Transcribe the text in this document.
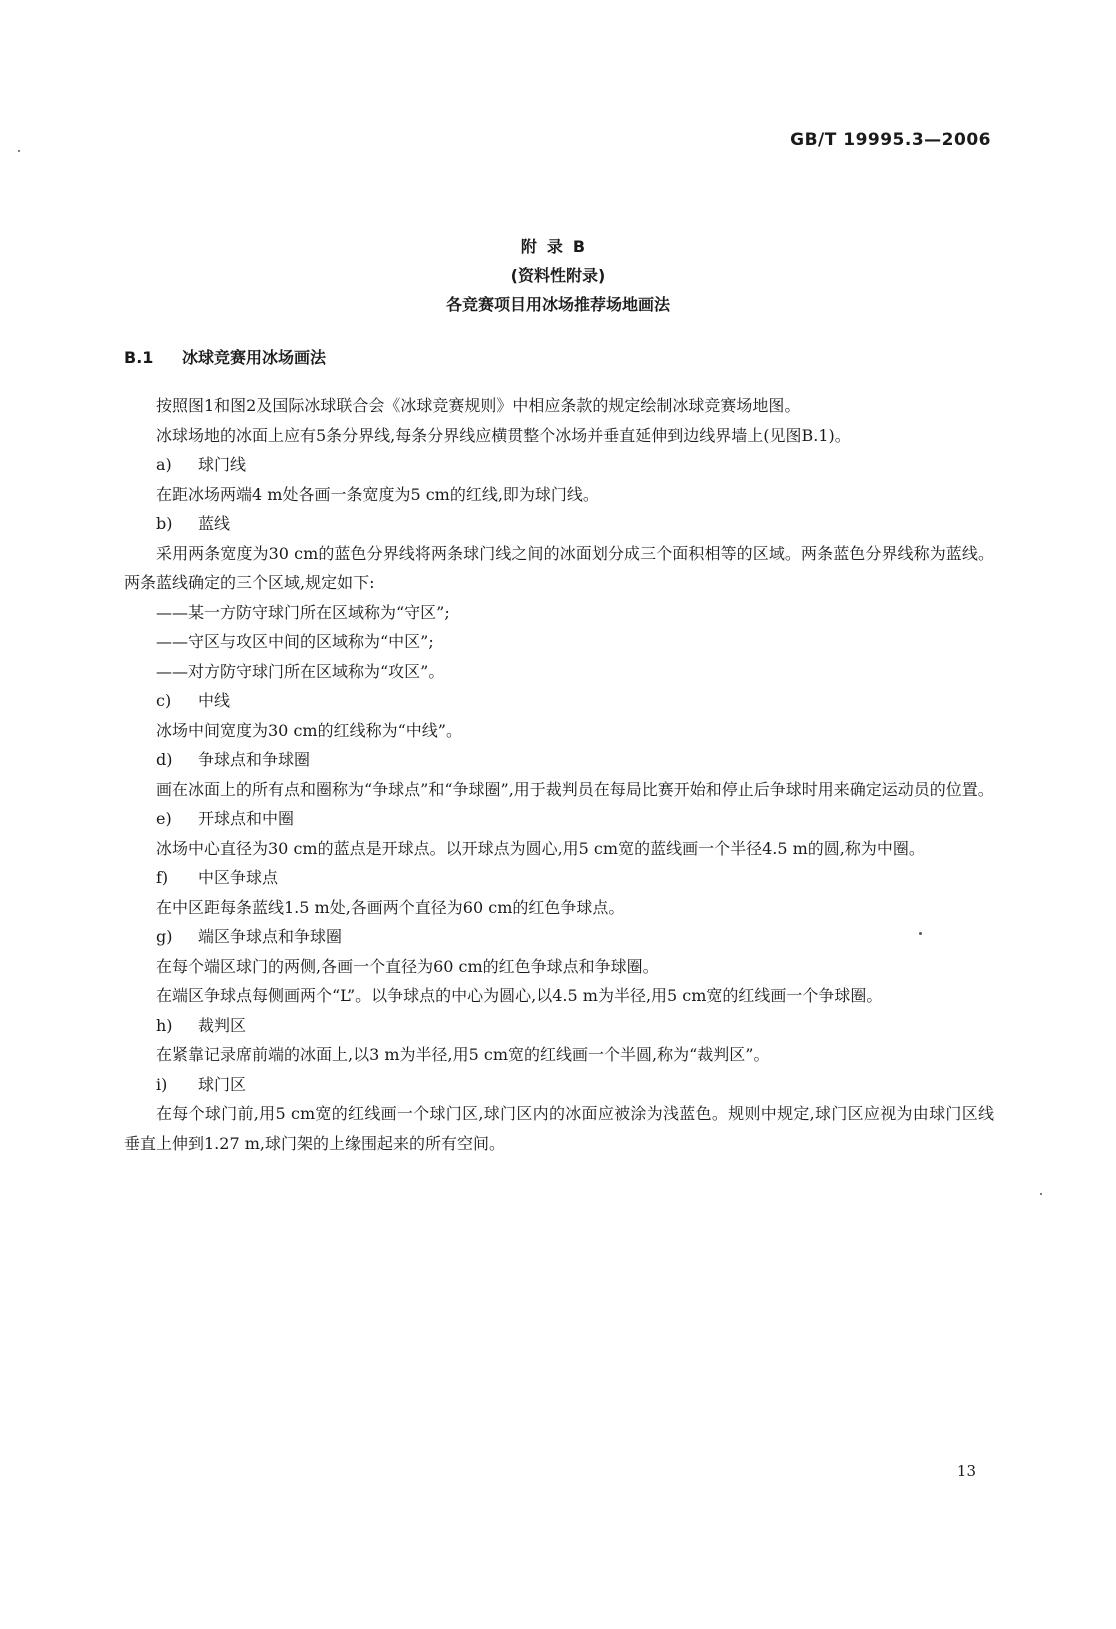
GB/T 19995.3—2006
附录B
(资料性附录)
各竞赛项目用冰场推荐场地画法
B.1 冰球竞赛用冰场画法

按照图1和图2及国际冰球联合会《冰球竞赛规则》中相应条款的规定绘制冰球竞赛场地图。

冰球场地的冰面上应有5条分界线,每条分界线应横贯整个冰场并垂直延伸到边线界墙上(见图B.1)。

a) 球门线

在距冰场两端4 m处各画一条宽度为5 cm的红线,即为球门线。

b) 蓝线

采用两条宽度为30 cm的蓝色分界线将两条球门线之间的冰面划分成三个面积相等的区域。两条蓝色分界线称为蓝线。两条蓝线确定的三个区域,规定如下:

——某一方防守球门所在区域称为“守区”;

——守区与攻区中间的区域称为“中区”;

——对方防守球门所在区域称为“攻区”。

c) 中线

冰场中间宽度为30 cm的红线称为“中线”。

d) 争球点和争球圈

画在冰面上的所有点和圈称为“争球点”和“争球圈”,用于裁判员在每局比赛开始和停止后争球时用来确定运动员的位置。

e) 开球点和中圈

冰场中心直径为30 cm的蓝点是开球点。以开球点为圆心,用5 cm宽的蓝线画一个半径4.5 m的圆,称为中圈。

f) 中区争球点

在中区距每条蓝线1.5 m处,各画两个直径为60 cm的红色争球点。

g) 端区争球点和争球圈

在每个端区球门的两侧,各画一个直径为60 cm的红色争球点和争球圈。

在端区争球点每侧画两个“L”。以争球点的中心为圆心,以4.5 m为半径,用5 cm宽的红线画一个争球圈。

h) 裁判区

在紧靠记录席前端的冰面上,以3 m为半径,用5 cm宽的红线画一个半圆,称为“裁判区”。

i) 球门区

在每个球门前,用5 cm宽的红线画一个球门区,球门区内的冰面应被涂为浅蓝色。规则中规定,球门区应视为由球门区线垂直上伸到1.27 m,球门架的上缘围起来的所有空间。

13
